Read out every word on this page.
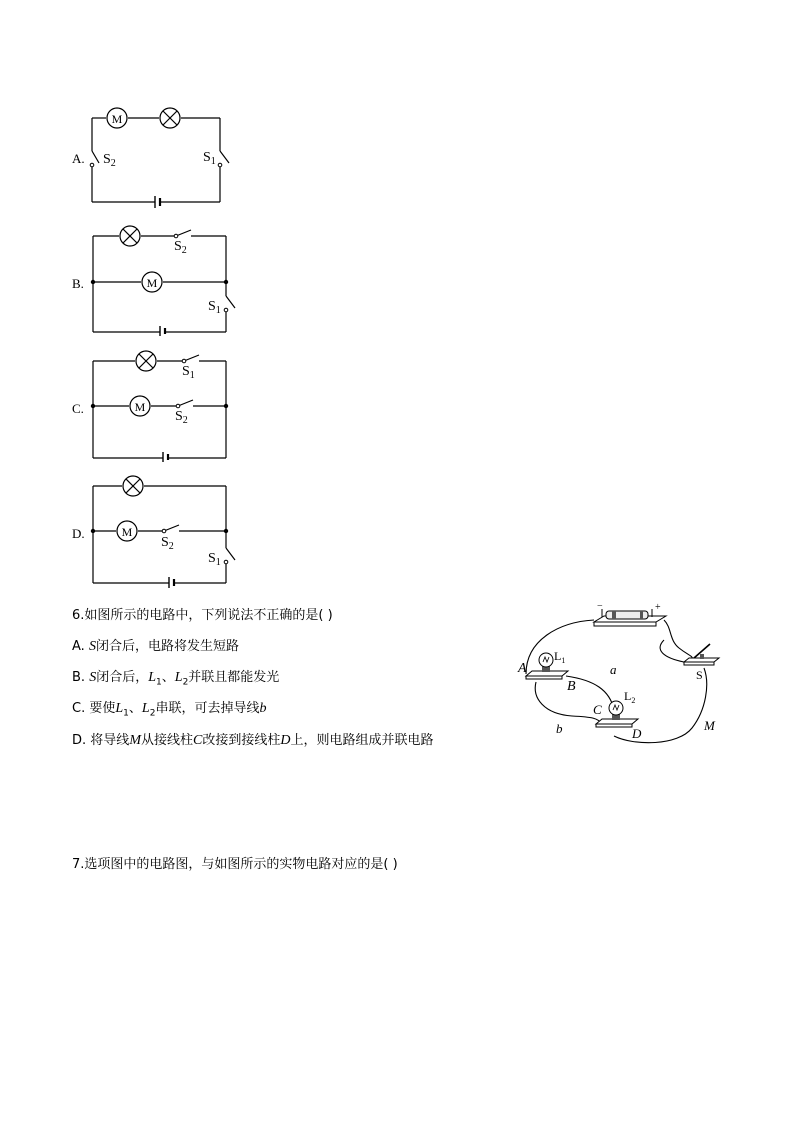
A.
M
$S_2$	$S_1$
B.	M
$S_2$
$S_1$
C.	M
$S_1$
$S_2$
D.	M
$S_2$
$S_1$
6.如图所示的电路中，下列说法不正确的是( )
A. S闭合后，电路将发生短路
B. S闭合后，$L_1$、$L_2$并联且都能发光
C. 要使$L_1$、$L_2$串联，可去掉导线b
D. 将导线M从接线柱C改接到接线柱D上，则电路组成并联电路
−	+
S
$L_1$
A
B
$L_2$
C
D
a
b	M
7.选项图中的电路图，与如图所示的实物电路对应的是( )
